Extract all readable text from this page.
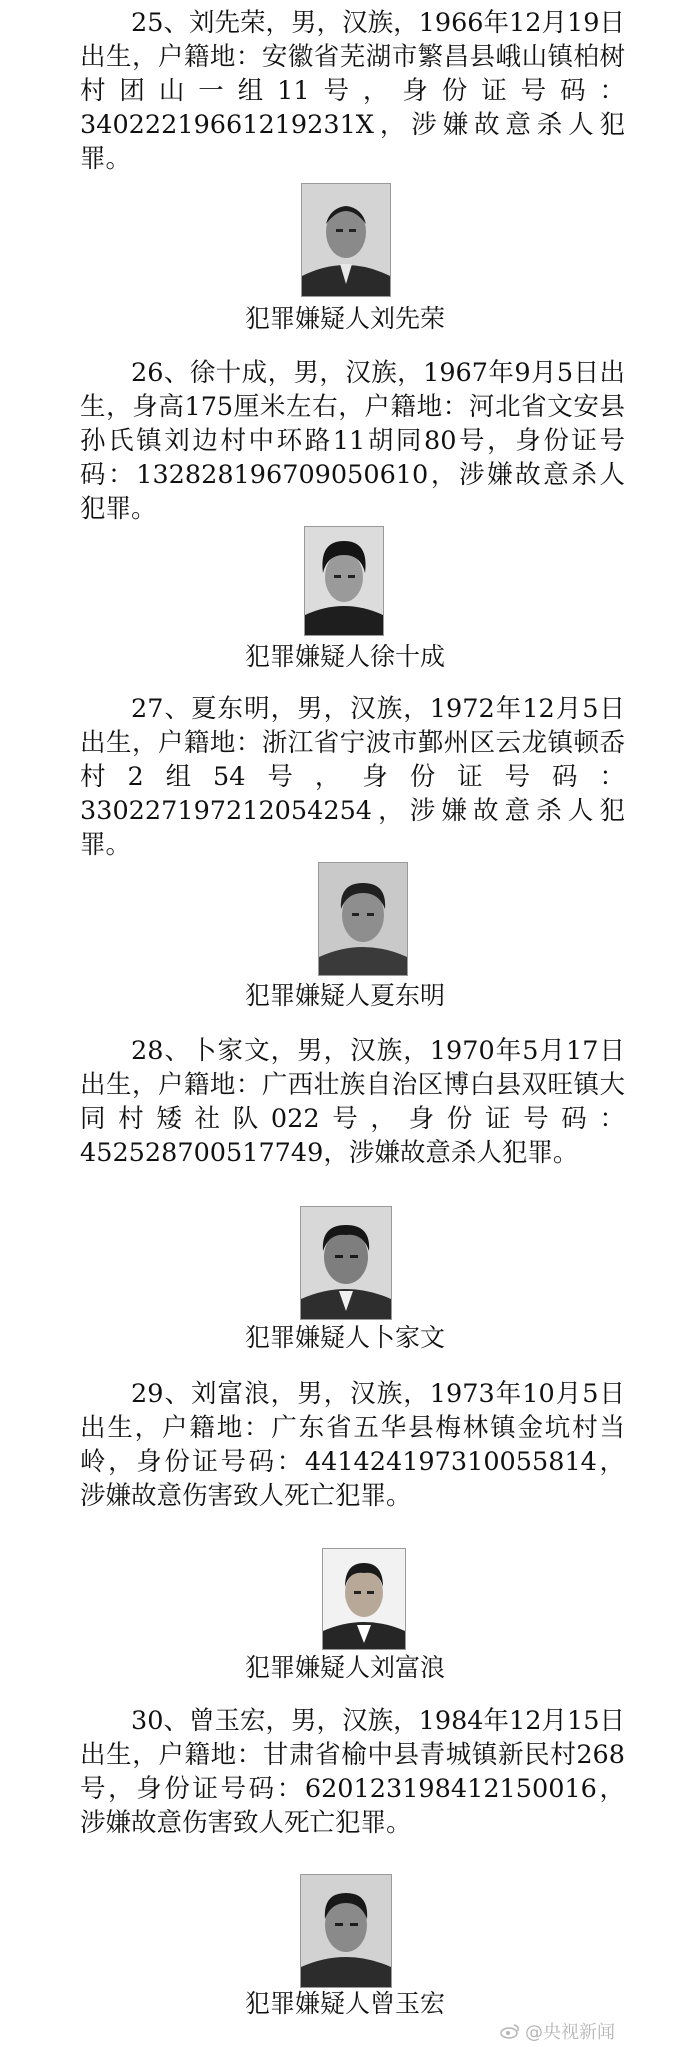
25、刘先荣，男，汉族，1966年12月19日出生，户籍地：安徽省芜湖市繁昌县峨山镇柏树村团山一组11号，身份证号码：34022219661219231X，涉嫌故意杀人犯罪。

犯罪嫌疑人刘先荣

26、徐十成，男，汉族，1967年9月5日出生，身高175厘米左右，户籍地：河北省文安县孙氏镇刘边村中环路11胡同80号，身份证号码：132828196709050610，涉嫌故意杀人犯罪。

犯罪嫌疑人徐十成

27、夏东明，男，汉族，1972年12月5日出生，户籍地：浙江省宁波市鄞州区云龙镇顿岙村2组54号，身份证号码：330227197212054254，涉嫌故意杀人犯罪。

犯罪嫌疑人夏东明

28、卜家文，男，汉族，1970年5月17日出生，户籍地：广西壮族自治区博白县双旺镇大同村矮社队022号，身份证号码：452528700517749，涉嫌故意杀人犯罪。

犯罪嫌疑人卜家文

29、刘富浪，男，汉族，1973年10月5日出生，户籍地：广东省五华县梅林镇金坑村当岭，身份证号码：441424197310055814，涉嫌故意伤害致人死亡犯罪。

犯罪嫌疑人刘富浪

30、曾玉宏，男，汉族，1984年12月15日出生，户籍地：甘肃省榆中县青城镇新民村268号，身份证号码：620123198412150016，涉嫌故意伤害致人死亡犯罪。

犯罪嫌疑人曾玉宏

@央视新闻
